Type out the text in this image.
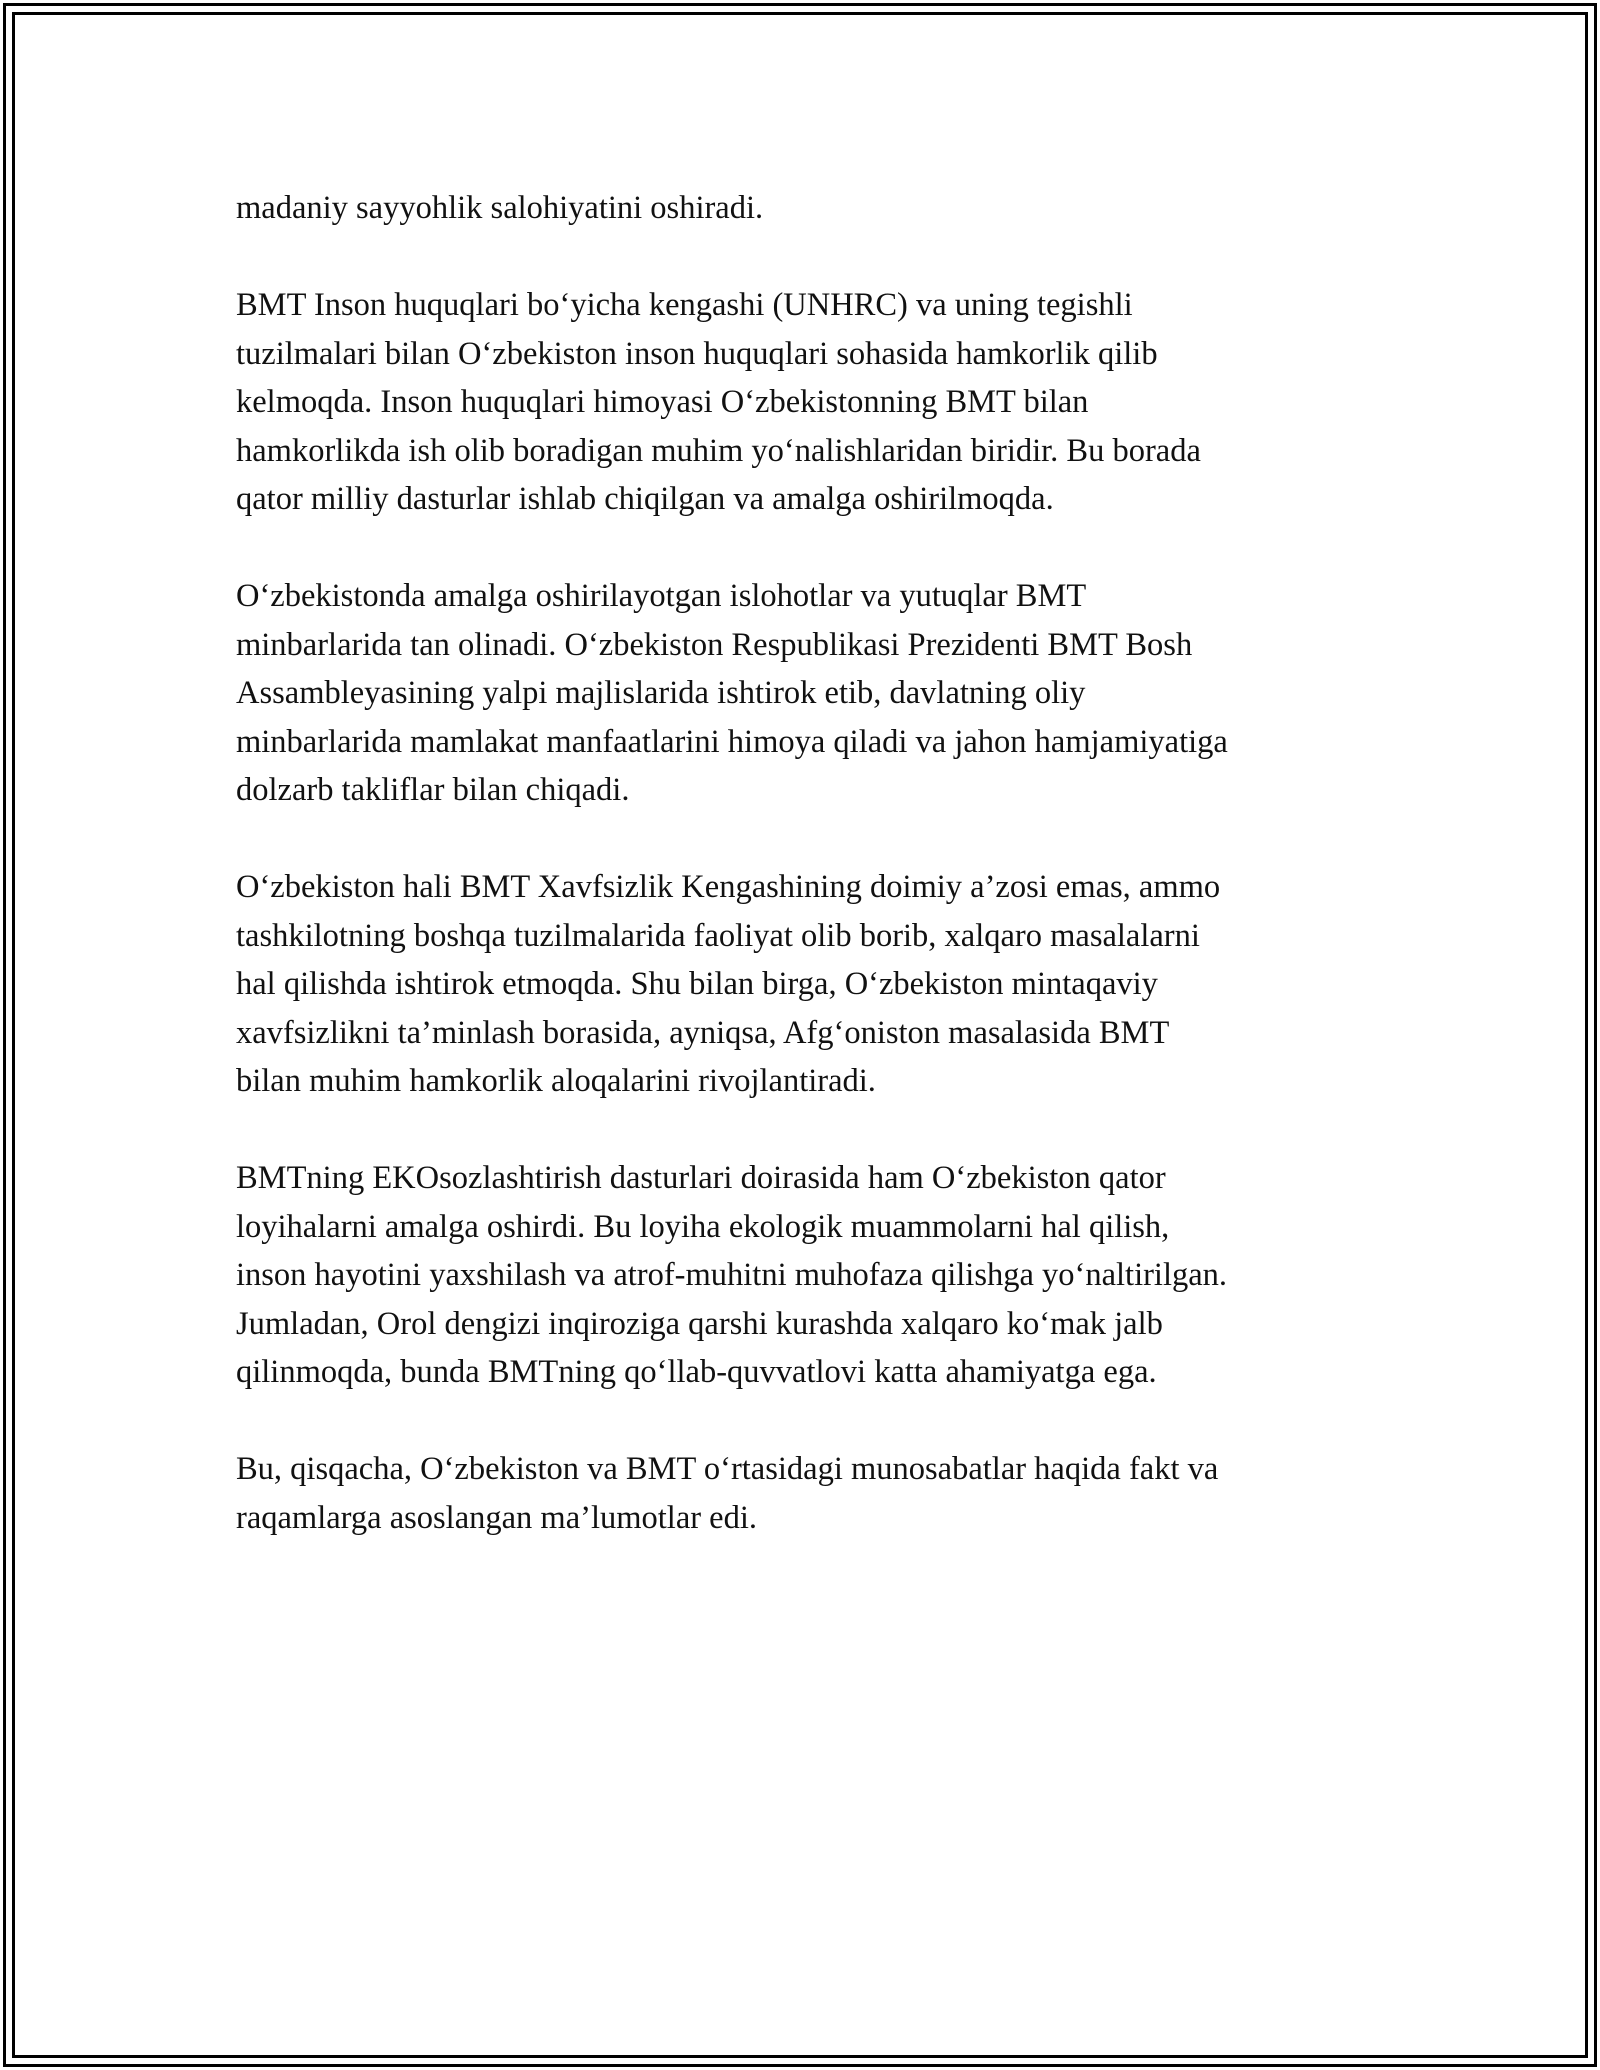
madaniy sayyohlik salohiyatini oshiradi.

BMT Inson huquqlari bo‘yicha kengashi (UNHRC) va uning tegishli
tuzilmalari bilan O‘zbekiston inson huquqlari sohasida hamkorlik qilib
kelmoqda. Inson huquqlari himoyasi O‘zbekistonning BMT bilan
hamkorlikda ish olib boradigan muhim yo‘nalishlaridan biridir. Bu borada
qator milliy dasturlar ishlab chiqilgan va amalga oshirilmoqda.

O‘zbekistonda amalga oshirilayotgan islohotlar va yutuqlar BMT
minbarlarida tan olinadi. O‘zbekiston Respublikasi Prezidenti BMT Bosh
Assambleyasining yalpi majlislarida ishtirok etib, davlatning oliy
minbarlarida mamlakat manfaatlarini himoya qiladi va jahon hamjamiyatiga
dolzarb takliflar bilan chiqadi.

O‘zbekiston hali BMT Xavfsizlik Kengashining doimiy a’zosi emas, ammo
tashkilotning boshqa tuzilmalarida faoliyat olib borib, xalqaro masalalarni
hal qilishda ishtirok etmoqda. Shu bilan birga, O‘zbekiston mintaqaviy
xavfsizlikni ta’minlash borasida, ayniqsa, Afg‘oniston masalasida BMT
bilan muhim hamkorlik aloqalarini rivojlantiradi.

BMTning EKOsozlashtirish dasturlari doirasida ham O‘zbekiston qator
loyihalarni amalga oshirdi. Bu loyiha ekologik muammolarni hal qilish,
inson hayotini yaxshilash va atrof-muhitni muhofaza qilishga yo‘naltirilgan.
Jumladan, Orol dengizi inqiroziga qarshi kurashda xalqaro ko‘mak jalb
qilinmoqda, bunda BMTning qo‘llab-quvvatlovi katta ahamiyatga ega.

Bu, qisqacha, O‘zbekiston va BMT o‘rtasidagi munosabatlar haqida fakt va
raqamlarga asoslangan ma’lumotlar edi.
